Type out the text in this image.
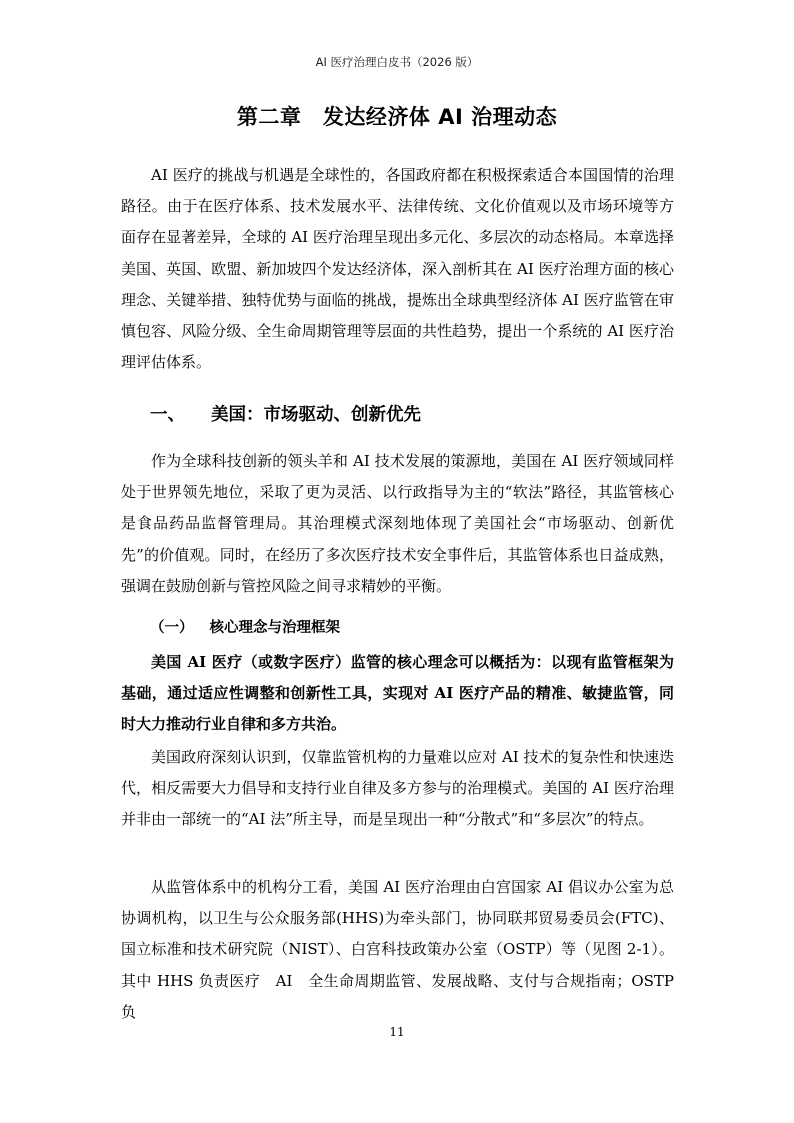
AI 医疗治理白皮书（2026 版）
第二章　发达经济体 AI 治理动态

AI 医疗的挑战与机遇是全球性的，各国政府都在积极探索适合本国国情的治理路径。由于在医疗体系、技术发展水平、法律传统、文化价值观以及市场环境等方面存在显著差异，全球的 AI 医疗治理呈现出多元化、多层次的动态格局。本章选择美国、英国、欧盟、新加坡四个发达经济体，深入剖析其在 AI 医疗治理方面的核心理念、关键举措、独特优势与面临的挑战，提炼出全球典型经济体 AI 医疗监管在审慎包容、风险分级、全生命周期管理等层面的共性趋势，提出一个系统的 AI 医疗治理评估体系。

一、 美国：市场驱动、创新优先

作为全球科技创新的领头羊和 AI 技术发展的策源地，美国在 AI 医疗领域同样处于世界领先地位，采取了更为灵活、以行政指导为主的“软法”路径，其监管核心是食品药品监督管理局。其治理模式深刻地体现了美国社会“市场驱动、创新优先”的价值观。同时，在经历了多次医疗技术安全事件后，其监管体系也日益成熟，强调在鼓励创新与管控风险之间寻求精妙的平衡。

（一） 核心理念与治理框架

美国 AI 医疗（或数字医疗）监管的核心理念可以概括为：以现有监管框架为基础，通过适应性调整和创新性工具，实现对 AI 医疗产品的精准、敏捷监管，同时大力推动行业自律和多方共治。

美国政府深刻认识到，仅靠监管机构的力量难以应对 AI 技术的复杂性和快速迭代，相反需要大力倡导和支持行业自律及多方参与的治理模式。美国的 AI 医疗治理并非由一部统一的“AI 法”所主导，而是呈现出一种“分散式”和“多层次”的特点。

从监管体系中的机构分工看，美国 AI 医疗治理由白宫国家 AI 倡议办公室为总协调机构，以卫生与公众服务部(HHS)为牵头部门，协同联邦贸易委员会(FTC)、国立标准和技术研究院（NIST）、白宫科技政策办公室（OSTP）等（见图 2-1）。其中 HHS 负责医疗　AI　全生命周期监管、发展战略、支付与合规指南；OSTP 负

11
